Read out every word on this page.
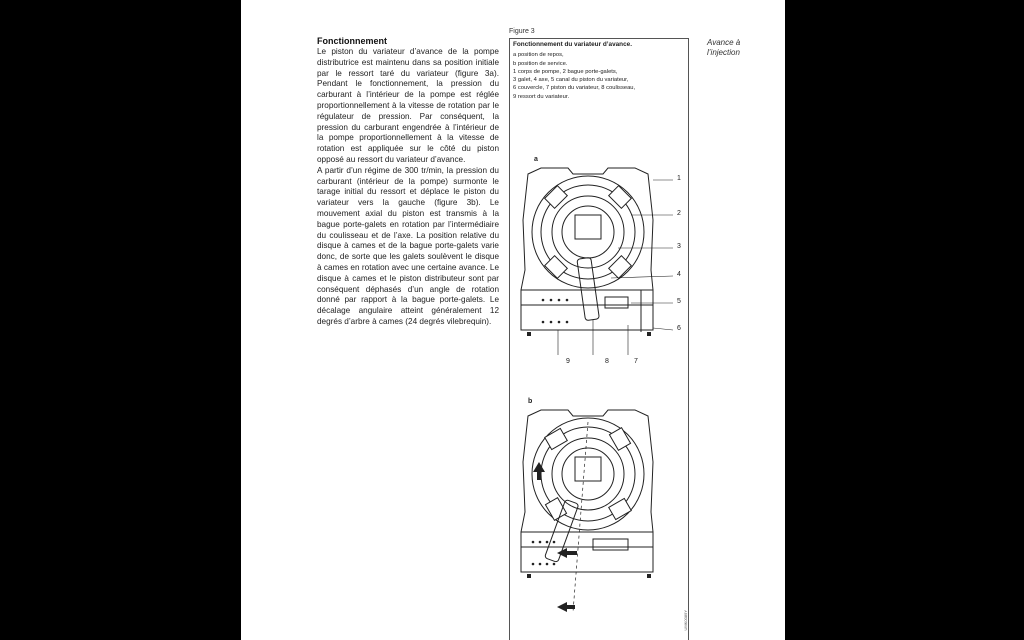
Fonctionnement

Le piston du variateur d’avance de la pompe distributrice est maintenu dans sa position initiale par le ressort taré du variateur (figure 3a). Pendant le fonctionnement, la pression du carburant à l’intérieur de la pompe est réglée proportionnellement à la vitesse de rotation par le régulateur de pression. Par conséquent, la pression du carburant engendrée à l’intérieur de la pompe proportionnellement à la vitesse de rotation est appliquée sur le côté du piston opposé au ressort du variateur d’avance.

A partir d’un régime de 300 tr/min, la pression du carburant (intérieur de la pompe) surmonte le tarage initial du ressort et déplace le piston du variateur vers la gauche (figure 3b). Le mouvement axial du piston est transmis à la bague porte-galets en rotation par l’intermédiaire du coulisseau et de l’axe. La position relative du disque à cames et de la bague porte-galets varie donc, de sorte que les galets soulèvent le disque à cames en rotation avec une certaine avance. Le disque à cames et le piston distributeur sont par conséquent déphasés d’un angle de rotation donné par rapport à la bague porte-galets. Le décalage angulaire atteint généralement 12 degrés d’arbre à cames (24 degrés vilebrequin).

Figure 3
Fonctionnement du variateur d’avance.
a position de repos,
b position de service.
1 corps de pompe, 2 bague porte-galets,
3 galet, 4 axe, 5 canal du piston du variateur,
6 couvercle, 7 piston du variateur, 8 coulisseau,
9 ressort du variateur.
Avance à l’injection
a
1
2
3
4
5
6
9	8	7
b
UMK0089Y
